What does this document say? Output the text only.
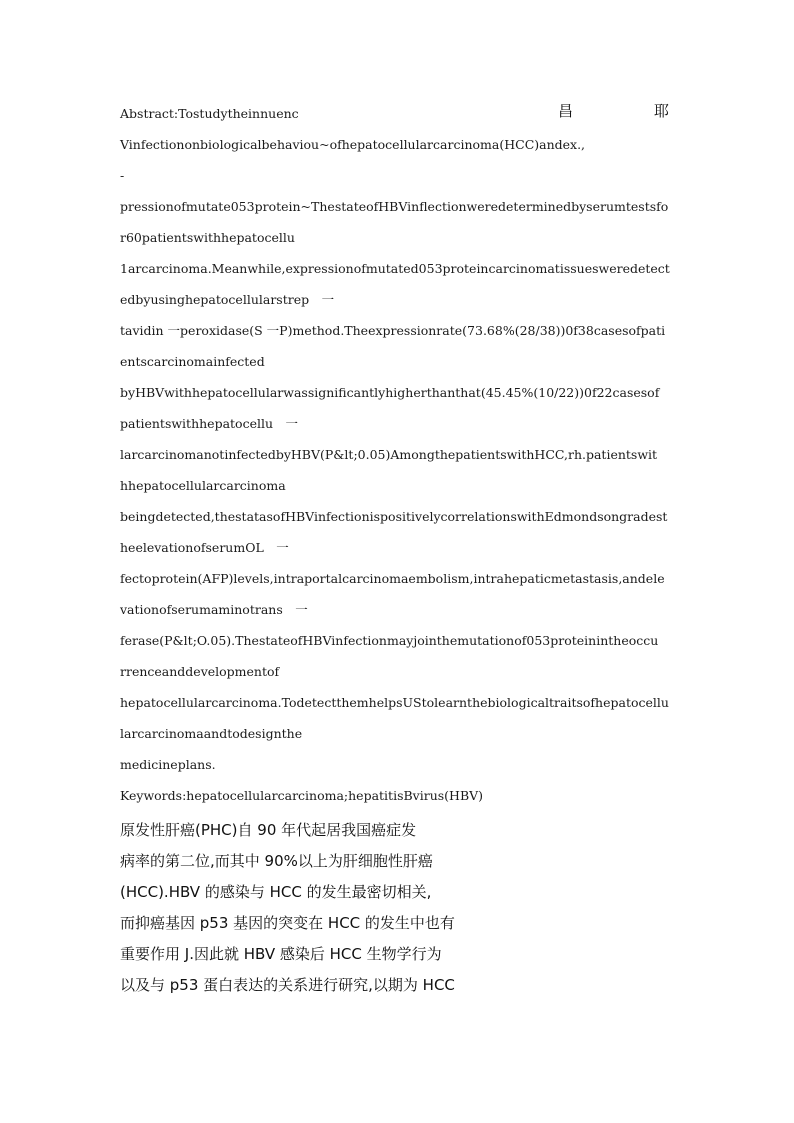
Abstract:Tostudytheinnuenc	昌	耶
Vinfectiononbiologicalbehaviou~ofhepatocellularcarcinoma(HCC)andex.,
-
pressionofmutate053protein~ThestateofHBVinflectionweredeterminedbyserumtestsfo
r60patientswithhepatocellu
1arcarcinoma.Meanwhile,expressionofmutated053proteincarcinomatissuesweredetect
edbyusinghepatocellularstrep　一
tavidin 一peroxidase(S 一P)method.Theexpressionrate(73.68%(28/38))0f38casesofpati
entscarcinomainfected
byHBVwithhepatocellularwassignificantlyhigherthanthat(45.45%(10/22))0f22casesof
patientswithhepatocellu　一
larcarcinomanotinfectedbyHBV(P&lt;0.05)AmongthepatientswithHCC,rh.patientswit
hhepatocellularcarcinoma
beingdetected,thestatasofHBVinfectionispositivelycorrelationswithEdmondsongradest
heelevationofserumOL　一
fectoprotein(AFP)levels,intraportalcarcinomaembolism,intrahepaticmetastasis,andele
vationofserumaminotrans　一
ferase(P&lt;O.05).ThestateofHBVinfectionmayjointhemutationof053proteinintheoccu
rrenceanddevelopmentof
hepatocellularcarcinoma.TodetectthemhelpsUStolearnthebiologicaltraitsofhepatocellu
larcarcinomaandtodesignthe
medicineplans.
Keywords:hepatocellularcarcinoma;hepatitisBvirus(HBV)
原发性肝癌(PHC)自 90 年代起居我国癌症发
病率的第二位,而其中 90%以上为肝细胞性肝癌
(HCC).HBV 的感染与 HCC 的发生最密切相关,
而抑癌基因 p53 基因的突变在 HCC 的发生中也有
重要作用 J.因此就 HBV 感染后 HCC 生物学行为
以及与 p53 蛋白表达的关系进行研究,以期为 HCC
